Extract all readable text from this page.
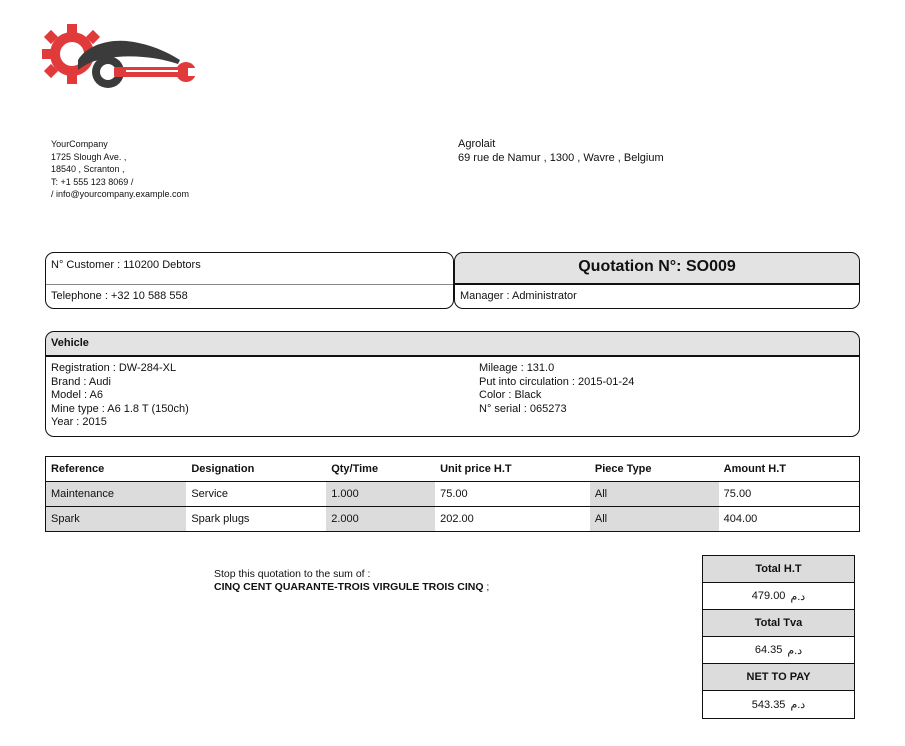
YourCompany
1725 Slough Ave. ,
18540 , Scranton ,
T: +1 555 123 8069 /
/ info@yourcompany.example.com
Agrolait
69 rue de Namur , 1300 , Wavre , Belgium
N° Customer : 110200 Debtors
Telephone : +32 10 588 558
Quotation N°: SO009
Manager : Administrator
Vehicle
Registration : DW-284-XL
Brand : Audi
Model : A6
Mine type : A6 1.8 T (150ch)
Year : 2015
Mileage : 131.0
Put into circulation : 2015-01-24
Color : Black
N° serial : 065273
Reference	Designation	Qty/Time	Unit price H.T	Piece Type	Amount H.T
Maintenance	Service	1.000	75.00	All	75.00
Spark	Spark plugs	2.000	202.00	All	404.00
Stop this quotation to the sum of :
CINQ CENT QUARANTE-TROIS VIRGULE TROIS CINQ ;
Total H.T
479.00 د.م
Total Tva
64.35 د.م
NET TO PAY
543.35 د.م
